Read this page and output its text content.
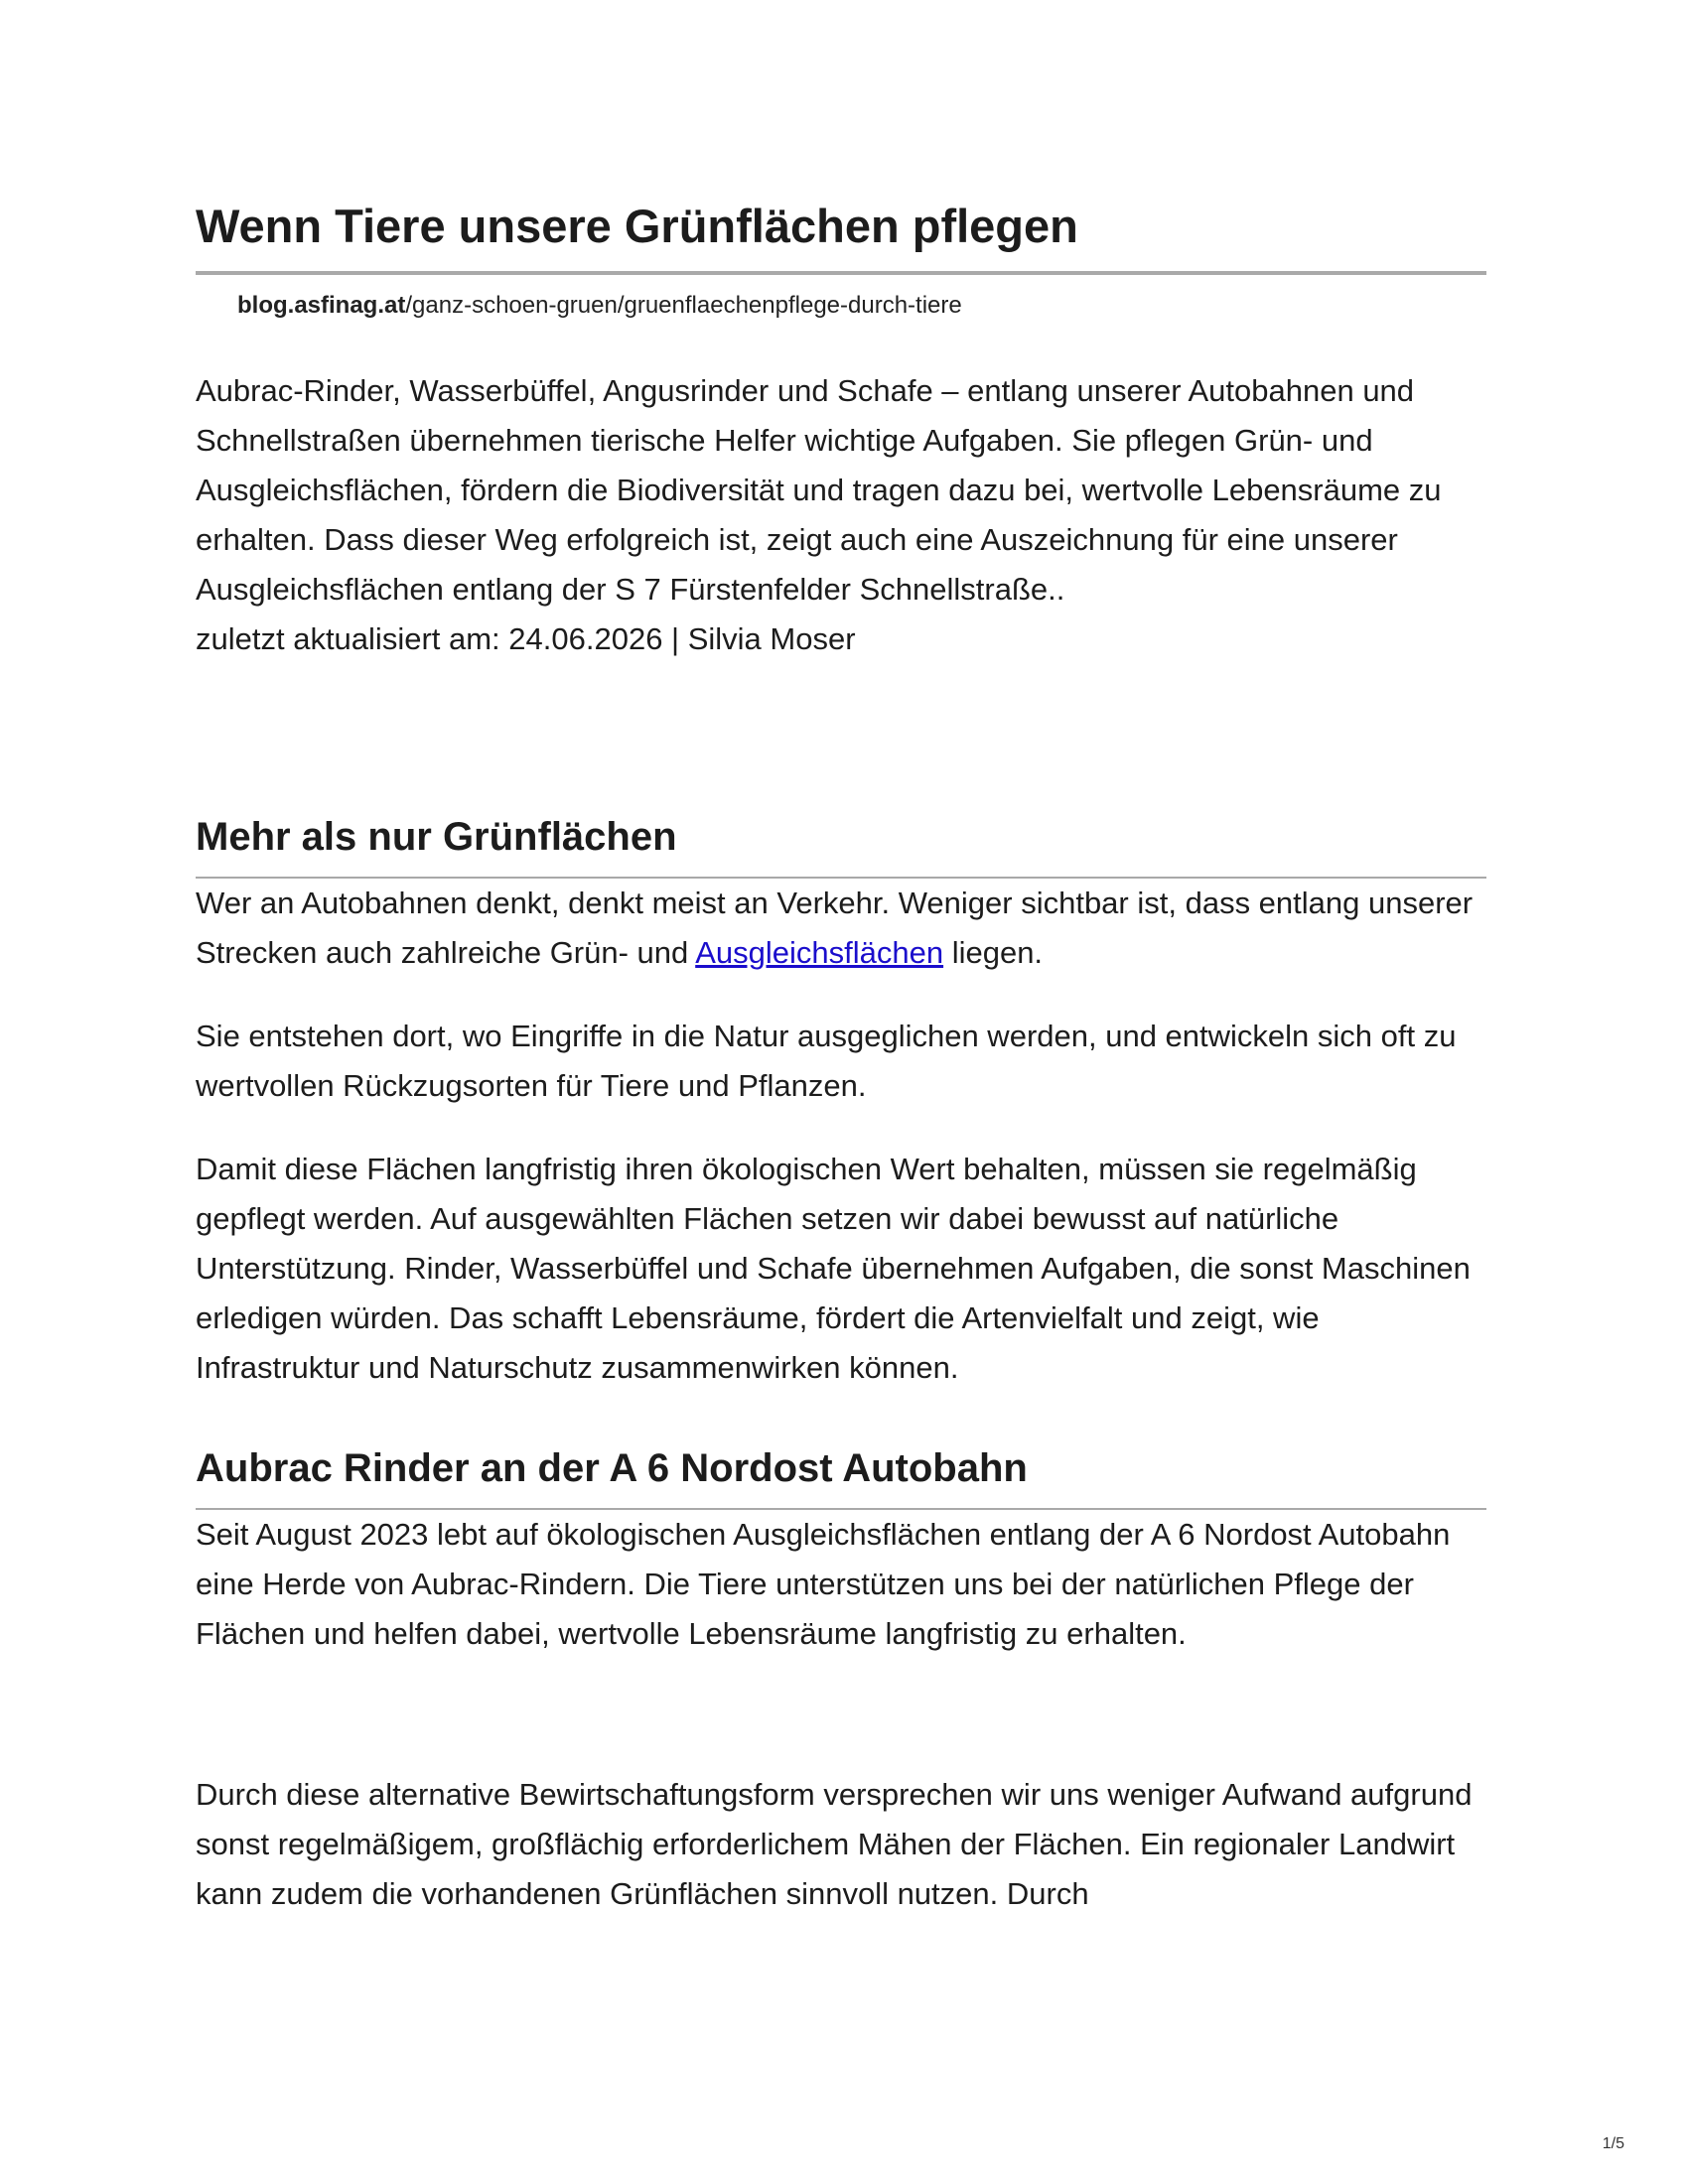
Wenn Tiere unsere Grünflächen pflegen
blog.asfinag.at/ganz-schoen-gruen/gruenflaechenpflege-durch-tiere
Aubrac-Rinder, Wasserbüffel, Angusrinder und Schafe – entlang unserer Autobahnen und Schnellstraßen übernehmen tierische Helfer wichtige Aufgaben. Sie pflegen Grün- und Ausgleichsflächen, fördern die Biodiversität und tragen dazu bei, wertvolle Lebensräume zu erhalten. Dass dieser Weg erfolgreich ist, zeigt auch eine Auszeichnung für eine unserer Ausgleichsflächen entlang der S 7 Fürstenfelder Schnellstraße..
zuletzt aktualisiert am: 24.06.2026 | Silvia Moser
Mehr als nur Grünflächen

Wer an Autobahnen denkt, denkt meist an Verkehr. Weniger sichtbar ist, dass entlang unserer Strecken auch zahlreiche Grün- und Ausgleichsflächen liegen.

Sie entstehen dort, wo Eingriffe in die Natur ausgeglichen werden, und entwickeln sich oft zu wertvollen Rückzugsorten für Tiere und Pflanzen.

Damit diese Flächen langfristig ihren ökologischen Wert behalten, müssen sie regelmäßig gepflegt werden. Auf ausgewählten Flächen setzen wir dabei bewusst auf natürliche Unterstützung. Rinder, Wasserbüffel und Schafe übernehmen Aufgaben, die sonst Maschinen erledigen würden. Das schafft Lebensräume, fördert die Artenvielfalt und zeigt, wie Infrastruktur und Naturschutz zusammenwirken können.

Aubrac Rinder an der A 6 Nordost Autobahn

Seit August 2023 lebt auf ökologischen Ausgleichsflächen entlang der A 6 Nordost Autobahn eine Herde von Aubrac-Rindern. Die Tiere unterstützen uns bei der natürlichen Pflege der Flächen und helfen dabei, wertvolle Lebensräume langfristig zu erhalten.

Durch diese alternative Bewirtschaftungsform versprechen wir uns weniger Aufwand aufgrund sonst regelmäßigem, großflächig erforderlichem Mähen der Flächen. Ein regionaler Landwirt kann zudem die vorhandenen Grünflächen sinnvoll nutzen. Durch

1/5
